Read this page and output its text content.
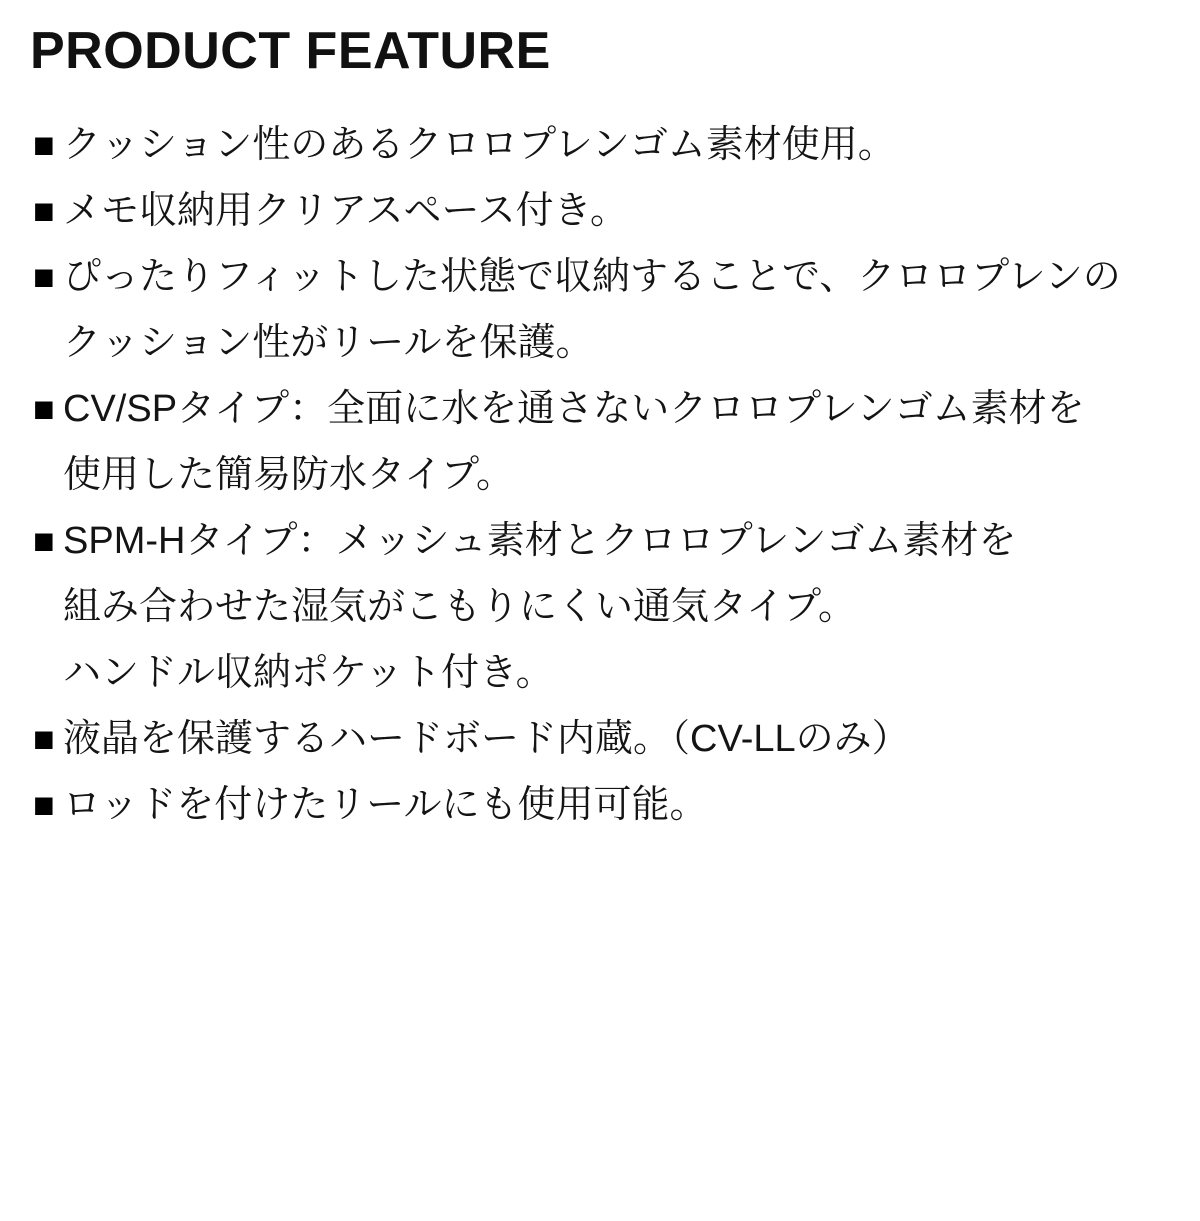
PRODUCT FEATURE
■ クッション性のあるクロロプレンゴム素材使用。
■ メモ収納用クリアスペース付き。
■ ぴったりフィットした状態で収納することで、クロロプレンの
クッション性がリールを保護。
■ CV/SPタイプ：全面に水を通さないクロロプレンゴム素材を
使用した簡易防水タイプ。
■ SPM-Hタイプ：メッシュ素材とクロロプレンゴム素材を
組み合わせた湿気がこもりにくい通気タイプ。
ハンドル収納ポケット付き。
■ 液晶を保護するハードボード内蔵。（CV-LLのみ）
■ ロッドを付けたリールにも使用可能。
